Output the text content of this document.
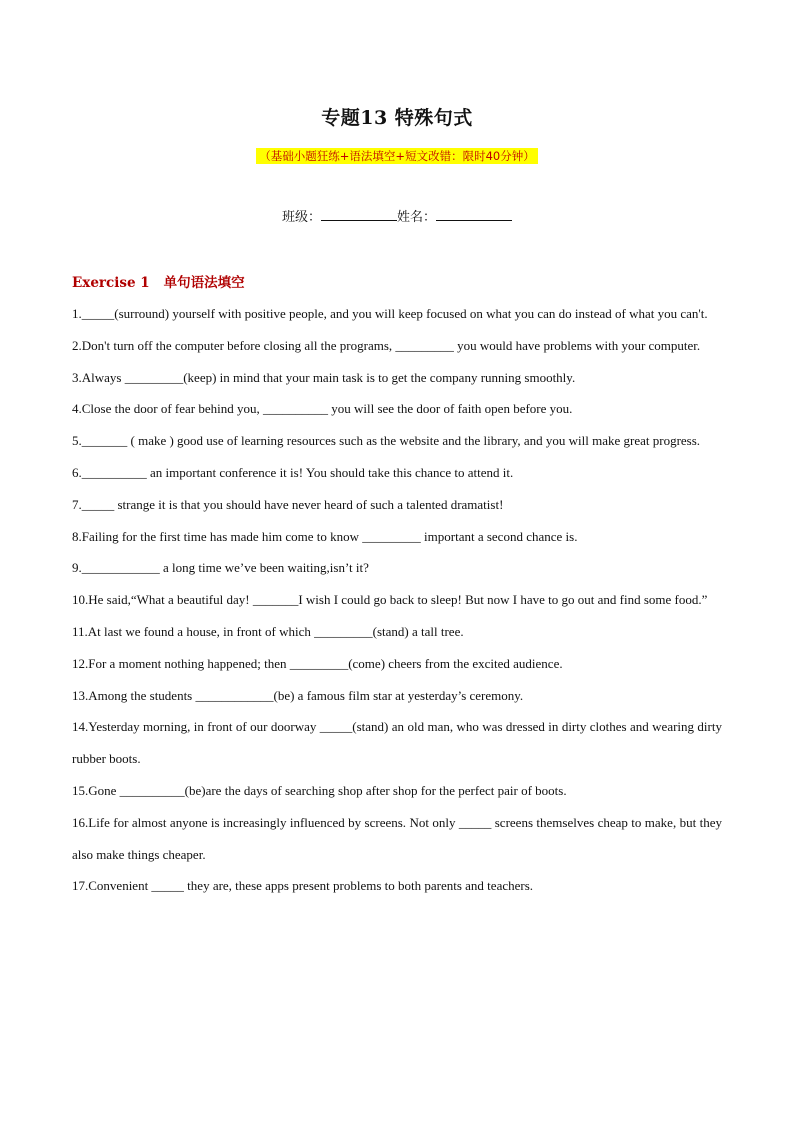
专题13 特殊句式
（基础小题狂练+语法填空+短文改错：限时40分钟）
班级：	姓名：
Exercise 1 单句语法填空

1._____(surround) yourself with positive people, and you will keep focused on what you can do instead of what you can't.

2.Don't turn off the computer before closing all the programs, _________ you would have problems with your computer.

3.Always _________(keep) in mind that your main task is to get the company running smoothly.

4.Close the door of fear behind you, __________ you will see the door of faith open before you.

5._______ ( make ) good use of learning resources such as the website and the library, and you will make great progress.

6.__________ an important conference it is! You should take this chance to attend it.

7._____ strange it is that you should have never heard of such a talented dramatist!

8.Failing for the first time has made him come to know _________ important a second chance is.

9.____________ a long time we’ve been waiting,isn’t it?

10.He said,“What a beautiful day! _______I wish I could go back to sleep! But now I have to go out and find some food.”

11.At last we found a house, in front of which _________(stand) a tall tree.

12.For a moment nothing happened; then _________(come) cheers from the excited audience.

13.Among the students ____________(be) a famous film star at yesterday’s ceremony.

14.Yesterday morning, in front of our doorway _____(stand) an old man, who was dressed in dirty clothes and wearing dirty rubber boots.

15.Gone __________(be)are the days of searching shop after shop for the perfect pair of boots.

16.Life for almost anyone is increasingly influenced by screens. Not only _____ screens themselves cheap to make, but they also make things cheaper.

17.Convenient _____ they are, these apps present problems to both parents and teachers.
